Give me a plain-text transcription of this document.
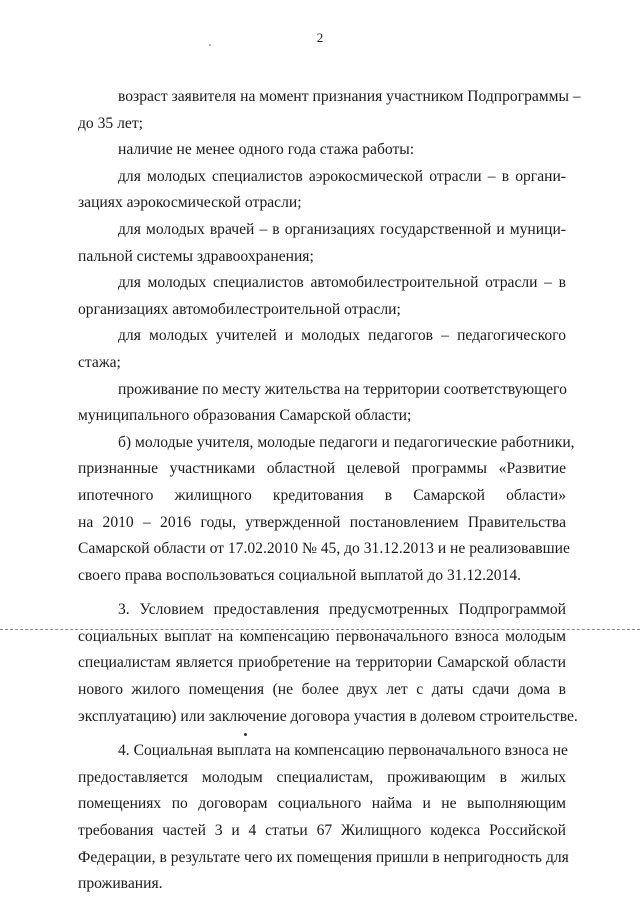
2
возраст заявителя на момент признания участником Подпрограммы –
до 35 лет;
наличие не менее одного года стажа работы:
для молодых специалистов аэрокосмической отрасли – в органи-
зациях аэрокосмической отрасли;
для молодых врачей – в организациях государственной и муници-
пальной системы здравоохранения;
для молодых специалистов автомобилестроительной отрасли – в
организациях автомобилестроительной отрасли;
для молодых учителей и молодых педагогов – педагогического
стажа;
проживание по месту жительства на территории соответствующего
муниципального образования Самарской области;
б) молодые учителя, молодые педагоги и педагогические работники,
признанные участниками областной целевой программы «Развитие
ипотечного жилищного кредитования в Самарской области»
на 2010 – 2016 годы, утвержденной постановлением Правительства
Самарской области от 17.02.2010 № 45, до 31.12.2013 и не реализовавшие
своего права воспользоваться социальной выплатой до 31.12.2014.
3. Условием предоставления предусмотренных Подпрограммой
социальных выплат на компенсацию первоначального взноса молодым
специалистам является приобретение на территории Самарской области
нового жилого помещения (не более двух лет с даты сдачи дома в
эксплуатацию) или заключение договора участия в долевом строительстве.
4. Социальная выплата на компенсацию первоначального взноса не
предоставляется молодым специалистам, проживающим в жилых
помещениях по договорам социального найма и не выполняющим
требования частей 3 и 4 статьи 67 Жилищного кодекса Российской
Федерации, в результате чего их помещения пришли в непригодность для
проживания.
